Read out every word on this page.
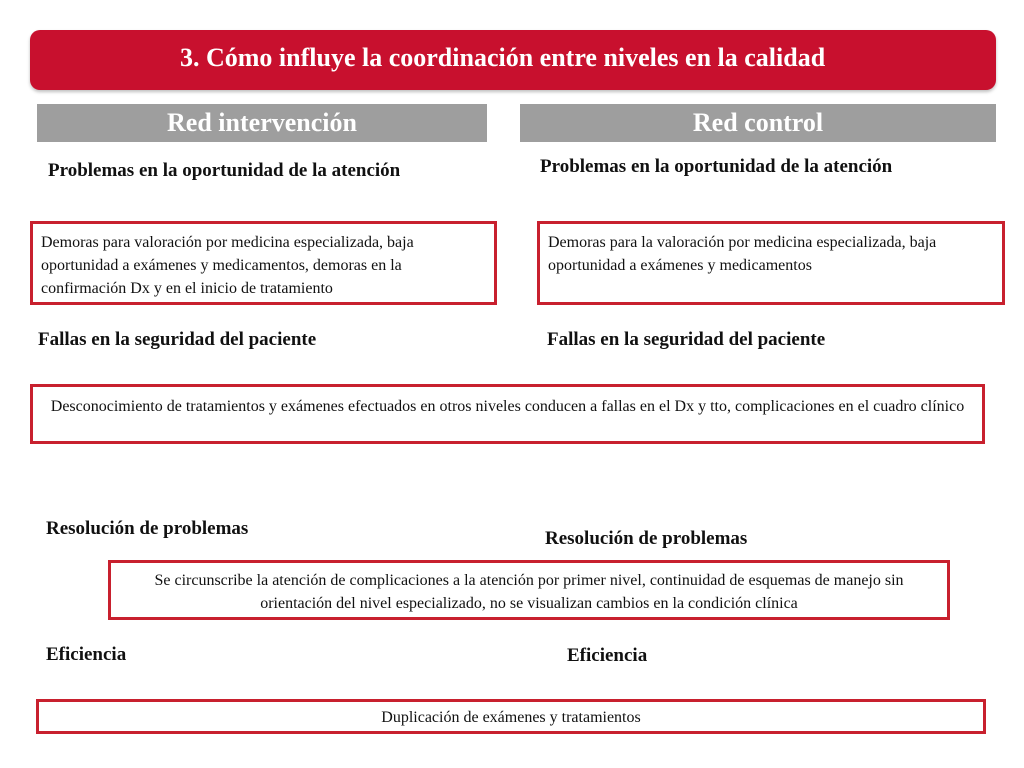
3. Cómo influye la coordinación entre niveles en la calidad
Red intervención	Red control
Problemas en la oportunidad de la atención	Problemas en la oportunidad de la atención
Demoras para valoración por medicina especializada, baja oportunidad a exámenes y medicamentos, demoras en la confirmación Dx y en el inicio de tratamiento
Demoras para la valoración por medicina especializada, baja oportunidad a exámenes y medicamentos
Fallas en la seguridad del paciente	Fallas en la seguridad del paciente
Desconocimiento de tratamientos y exámenes efectuados en otros niveles conducen a fallas en el Dx y tto, complicaciones en el cuadro clínico
Resolución de problemas	Resolución de problemas
Se circunscribe la atención de complicaciones a la atención por primer nivel, continuidad de esquemas de manejo sin orientación del nivel especializado, no se visualizan cambios en la condición clínica
Eficiencia	Eficiencia
Duplicación de exámenes y tratamientos
